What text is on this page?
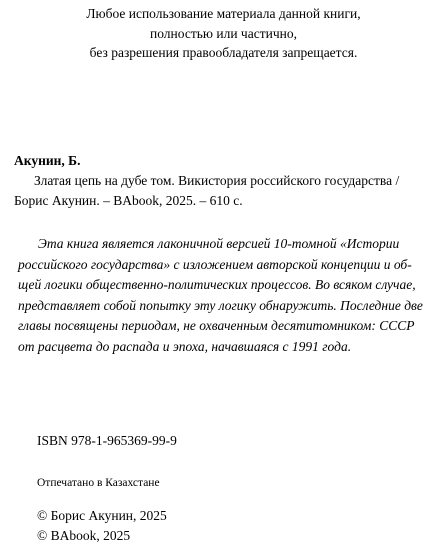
Любое использование материала данной книги,
полностью или частично,
без разрешения правообладателя запрещается.
Акунин, Б.
Златая цепь на дубе том. Викистория российского государства /
Борис Акунин. – BAbook, 2025. – 610 с.
Эта книга является лаконичной версией 10-томной «Истории
российского государства» с изложением авторской концепции и об-
щей логики общественно-политических процессов. Во всяком случае,
представляет собой попытку эту логику обнаружить. Последние две
главы посвящены периодам, не охваченным десятитомником: СССР
от расцвета до распада и эпоха, начавшаяся с 1991 года.
ISBN 978-1-965369-99-9
Отпечатано в Казахстане
© Борис Акунин, 2025
© BAbook, 2025
